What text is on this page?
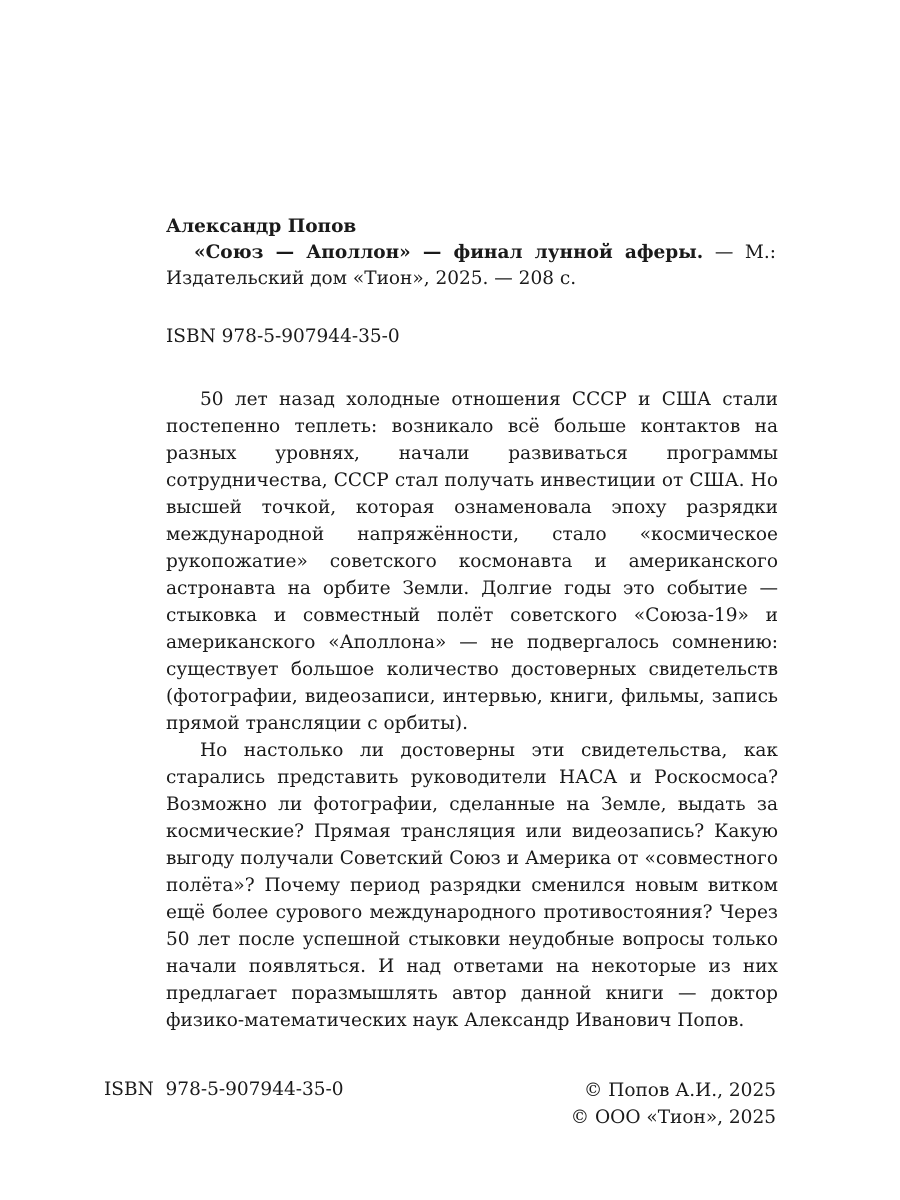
Александр Попов

«Союз — Аполлон» — финал лунной аферы. — М.: Издательский дом «Тион», 2025. — 208 с.

ISBN 978-5-907944-35-0

50 лет назад холодные отношения СССР и США стали постепенно теплеть: возникало всё больше контактов на разных уровнях, начали развиваться программы сотрудничества, СССР стал получать инвестиции от США. Но высшей точкой, которая ознаменовала эпоху разрядки международной напряжённости, стало «космическое рукопожатие» советского космонавта и американского астронавта на орбите Земли. Долгие годы это событие — стыковка и совместный полёт советского «Союза-19» и американского «Аполлона» — не подвергалось сомнению: существует большое количество достоверных свидетельств (фотографии, видеозаписи, интервью, книги, фильмы, запись прямой трансляции с орбиты).

Но настолько ли достоверны эти свидетельства, как старались представить руководители НАСА и Роскосмоса? Возможно ли фотографии, сделанные на Земле, выдать за космические? Прямая трансляция или видеозапись? Какую выгоду получали Советский Союз и Америка от «совместного полёта»? Почему период разрядки сменился новым витком ещё более сурового международного противостояния? Через 50 лет после успешной стыковки неудобные вопросы только начали появляться. И над ответами на некоторые из них предлагает поразмышлять автор данной книги — доктор физико-математических наук Александр Иванович Попов.

ISBN  978-5-907944-35-0	© Попов А.И., 2025
© ООО «Тион», 2025
